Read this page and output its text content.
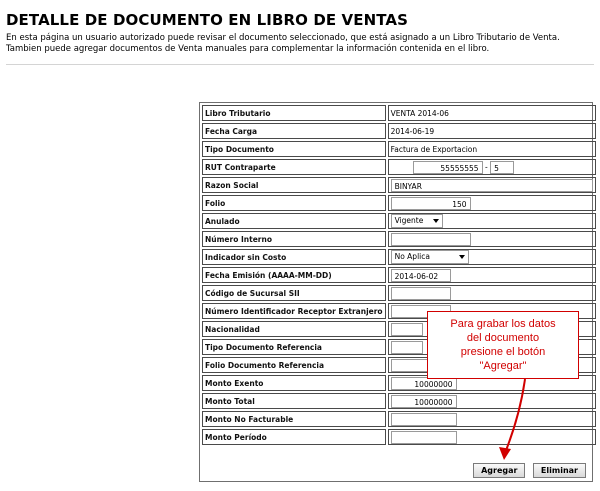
DETALLE DE DOCUMENTO EN LIBRO DE VENTAS
En esta página un usuario autorizado puede revisar el documento seleccionado, que está asignado a un Libro Tributario de Venta.
Tambien puede agregar documentos de Venta manuales para complementar la información contenida en el libro.
Libro Tributario	VENTA 2014-06
Fecha Carga	2014-06-19
Tipo Documento	Factura de Exportacion
RUT Contraparte	55555555 - 5
Razon Social	BINYAR
Folio	150
Anulado	Vigente

Número Interno	
Indicador sin Costo	No Aplica

Fecha Emisión (AAAA-MM-DD)	2014-06-02
Código de Sucursal SII	
Número Identificador Receptor Extranjero	
Nacionalidad	
Tipo Documento Referencia	
Folio Documento Referencia	
Monto Exento	10000000
Monto Total	10000000
Monto No Facturable	
Monto Período	
Agregar	Eliminar
Para grabar los datos
del documento
presione el botón
"Agregar"
